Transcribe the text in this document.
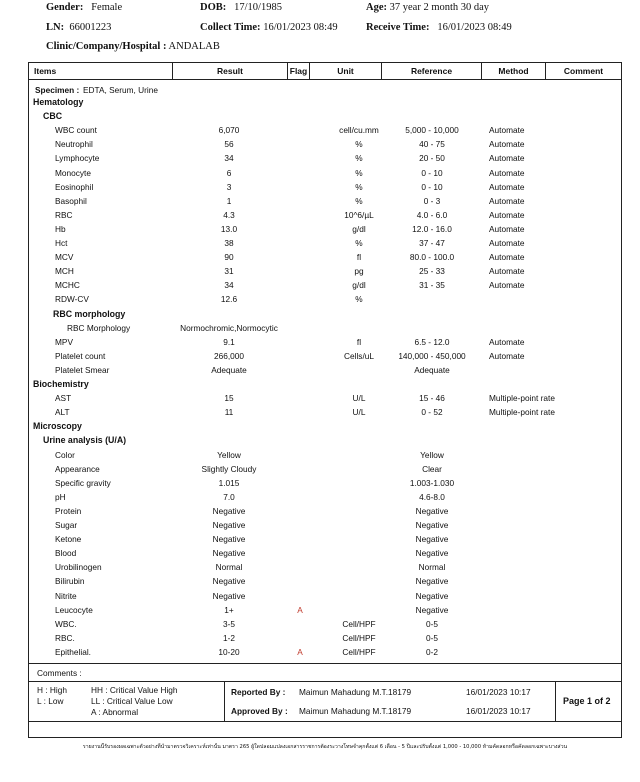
Gender: Female	DOB: 17/10/1985	Age: 37 year 2 month 30 day
LN: 66001223	Collect Time: 16/01/2023 08:49	Receive Time: 16/01/2023 08:49
Clinic/Company/Hospital : ANDALAB
Items	Result	Flag	Unit	Reference	Method	Comment
Specimen : EDTA, Serum, Urine
Hematology
CBC
WBC count	6,070	cell/cu.mm	5,000 - 10,000	Automate
Neutrophil	56	%	40 - 75	Automate
Lymphocyte	34	%	20 - 50	Automate
Monocyte	6	%	0 - 10	Automate
Eosinophil	3	%	0 - 10	Automate
Basophil	1	%	0 - 3	Automate
RBC	4.3	10^6/µL	4.0 - 6.0	Automate
Hb	13.0	g/dl	12.0 - 16.0	Automate
Hct	38	%	37 - 47	Automate
MCV	90	fl	80.0 - 100.0	Automate
MCH	31	pg	25 - 33	Automate
MCHC	34	g/dl	31 - 35	Automate
RDW-CV	12.6	%
RBC morphology
RBC Morphology	Normochromic,Normocytic
MPV	9.1	fl	6.5 - 12.0	Automate
Platelet count	266,000	Cells/uL	140,000 - 450,000	Automate
Platelet Smear	Adequate	Adequate
Biochemistry
AST	15	U/L	15 - 46	Multiple-point rate
ALT	11	U/L	0 - 52	Multiple-point rate
Microscopy
Urine analysis (U/A)
Color	Yellow	Yellow
Appearance	Slightly Cloudy	Clear
Specific gravity	1.015	1.003-1.030
pH	7.0	4.6-8.0
Protein	Negative	Negative
Sugar	Negative	Negative
Ketone	Negative	Negative
Blood	Negative	Negative
Urobilinogen	Normal	Normal
Bilirubin	Negative	Negative
Nitrite	Negative	Negative
Leucocyte	1+	A	Negative
WBC.	3-5	Cell/HPF	0-5
RBC.	1-2	Cell/HPF	0-5
Epithelial.	10-20	A	Cell/HPF	0-2
Comments :
H : High
L : Low
HH : Critical Value High
LL : Critical Value Low
A : Abnormal
Reported By : Maimun Mahadung M.T.18179	16/01/2023 10:17
Approved By : Maimun Mahadung M.T.18179	16/01/2023 10:17
Page 1 of 2
รายงานนี้รับรองผลเฉพาะตัวอย่างที่นำมาตรวจวิเคราะห์เท่านั้น มาตรา 265 ผู้ใดปลอมแปลงเอกสารราชการต้องระวางโทษจำคุกตั้งแต่ 6 เดือน - 5 ปีและปรับตั้งแต่ 1,000 - 10,000 ห้ามคัดลอกหรือคัดลอกเฉพาะบางส่วน
